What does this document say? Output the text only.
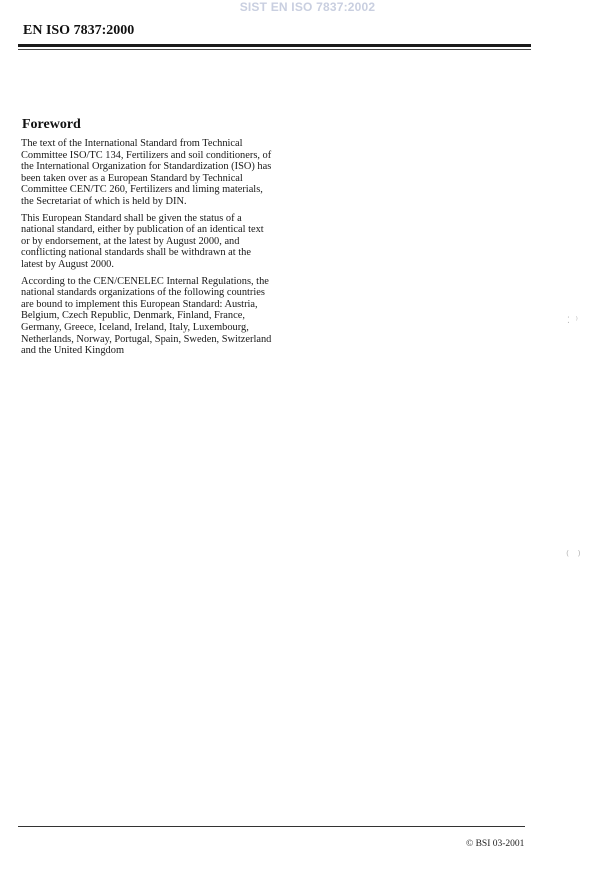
SIST EN ISO 7837:2002
EN ISO 7837:2000
Foreword

The text of the International Standard from Technical Committee ISO/TC 134, Fertilizers and soil conditioners, of the International Organization for Standardization (ISO) has been taken over as a European Standard by Technical Committee CEN/TC 260, Fertilizers and liming materials, the Secretariat of which is held by DIN.

This European Standard shall be given the status of a national standard, either by publication of an identical text or by endorsement, at the latest by August 2000, and conflicting national standards shall be withdrawn at the latest by August 2000.

According to the CEN/CENELEC Internal Regulations, the national standards organizations of the following countries are bound to implement this European Standard: Austria, Belgium, Czech Republic, Denmark, Finland, France, Germany, Greece, Iceland, Ireland, Italy, Luxembourg, Netherlands, Norway, Portugal, Spain, Sweden, Switzerland and the United Kingdom

⁚  ⁾
⁽  ⁾
© BSI 03-2001
